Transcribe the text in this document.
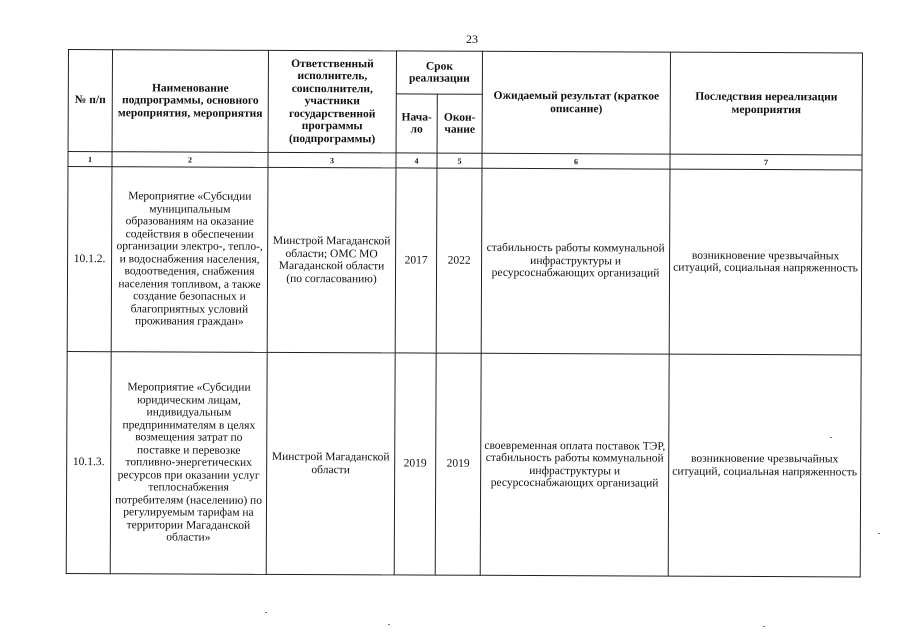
23
№ п/п	Наименование подпрограммы, основного мероприятия, мероприятия	Ответственный исполнитель, соисполнители, участники государственной программы (подпрограммы)	Срок реализации		Ожидаемый результат (краткое описание)	Последствия нереализации мероприятия
			Нача-ло	Окон-чание		
1	2	3	4	5	6	7
10.1.2.	Мероприятие «Субсидии муниципальным образованиям на оказание содействия в обеспечении организации электро-, тепло-, и водоснабжения населения, водоотведения, снабжения населения топливом, а также создание безопасных и благоприятных условий проживания граждан»	Минстрой Магаданской области; ОМС МО Магаданской области (по согласованию)	2017	2022	стабильность работы коммунальной инфраструктуры и ресурсоснабжающих организаций	возникновение чрезвычайных ситуаций, социальная напряженность
10.1.3.	Мероприятие «Субсидии юридическим лицам, индивидуальным предпринимателям в целях возмещения затрат по поставке и перевозке топливно-энергетических ресурсов при оказании услуг теплоснабжения потребителям (населению) по регулируемым тарифам на территории Магаданской области»	Минстрой Магаданской области	2019	2019	своевременная оплата поставок ТЭР, стабильность работы коммунальной инфраструктуры и ресурсоснабжающих организаций	возникновение чрезвычайных ситуаций, социальная напряженность
